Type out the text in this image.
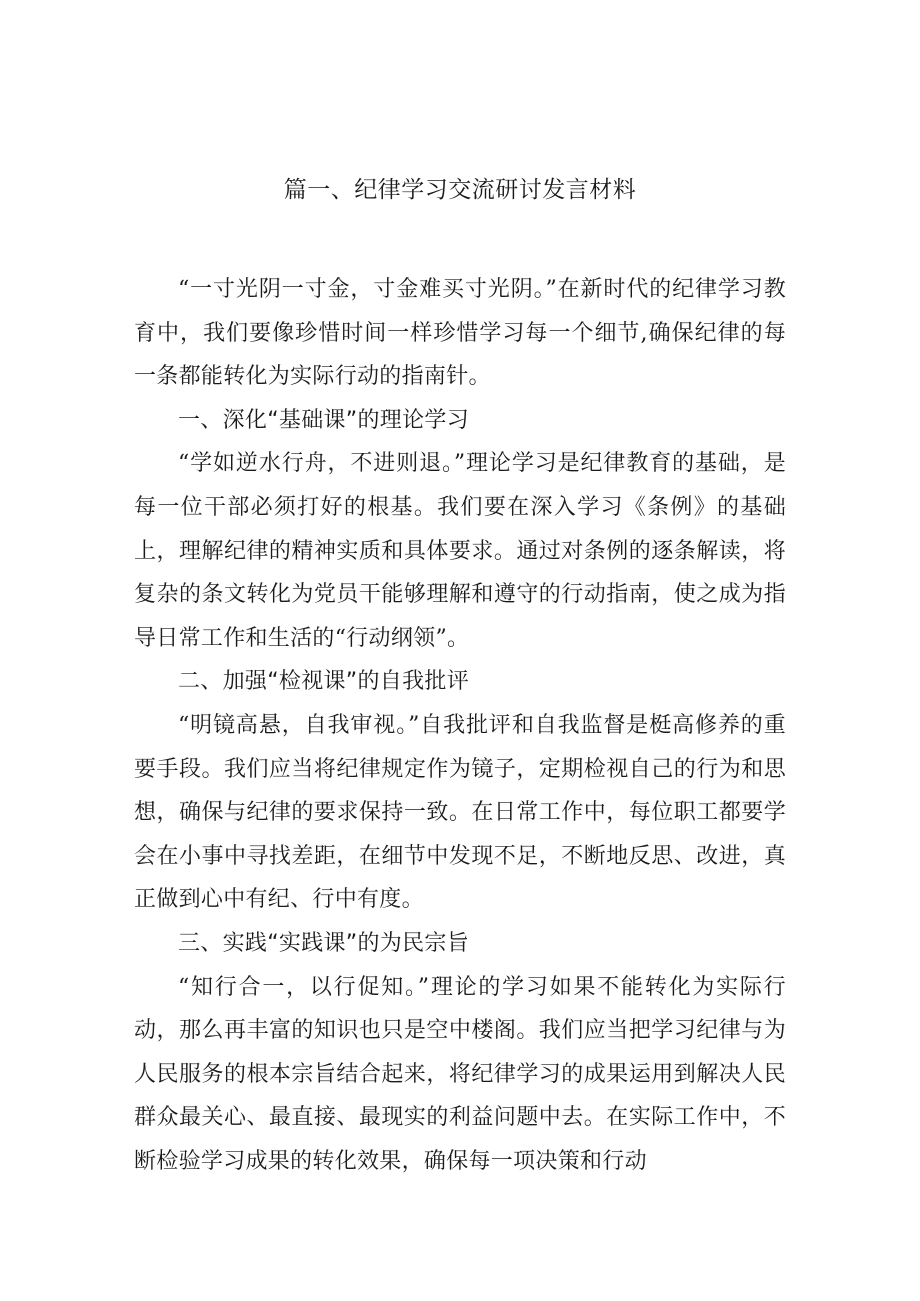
篇一、纪律学习交流研讨发言材料

“一寸光阴一寸金，寸金难买寸光阴。”在新时代的纪律学习教育中，我们要像珍惜时间一样珍惜学习每一个细节,确保纪律的每一条都能转化为实际行动的指南针。

一、深化“基础课”的理论学习

“学如逆水行舟，不进则退。”理论学习是纪律教育的基础，是每一位干部必须打好的根基。我们要在深入学习《条例》的基础上，理解纪律的精神实质和具体要求。通过对条例的逐条解读，将复杂的条文转化为党员干能够理解和遵守的行动指南，使之成为指导日常工作和生活的“行动纲领”。

二、加强“检视课”的自我批评

“明镜高悬，自我审视。”自我批评和自我监督是梃高修养的重要手段。我们应当将纪律规定作为镜子，定期检视自己的行为和思想，确保与纪律的要求保持一致。在日常工作中，每位职工都要学会在小事中寻找差距，在细节中发现不足，不断地反思、改进，真正做到心中有纪、行中有度。

三、实践“实践课”的为民宗旨

“知行合一，以行促知。”理论的学习如果不能转化为实际行动，那么再丰富的知识也只是空中楼阁。我们应当把学习纪律与为人民服务的根本宗旨结合起来，将纪律学习的成果运用到解决人民群众最关心、最直接、最现实的利益问题中去。在实际工作中，不断检验学习成果的转化效果，确保每一项决策和行动
